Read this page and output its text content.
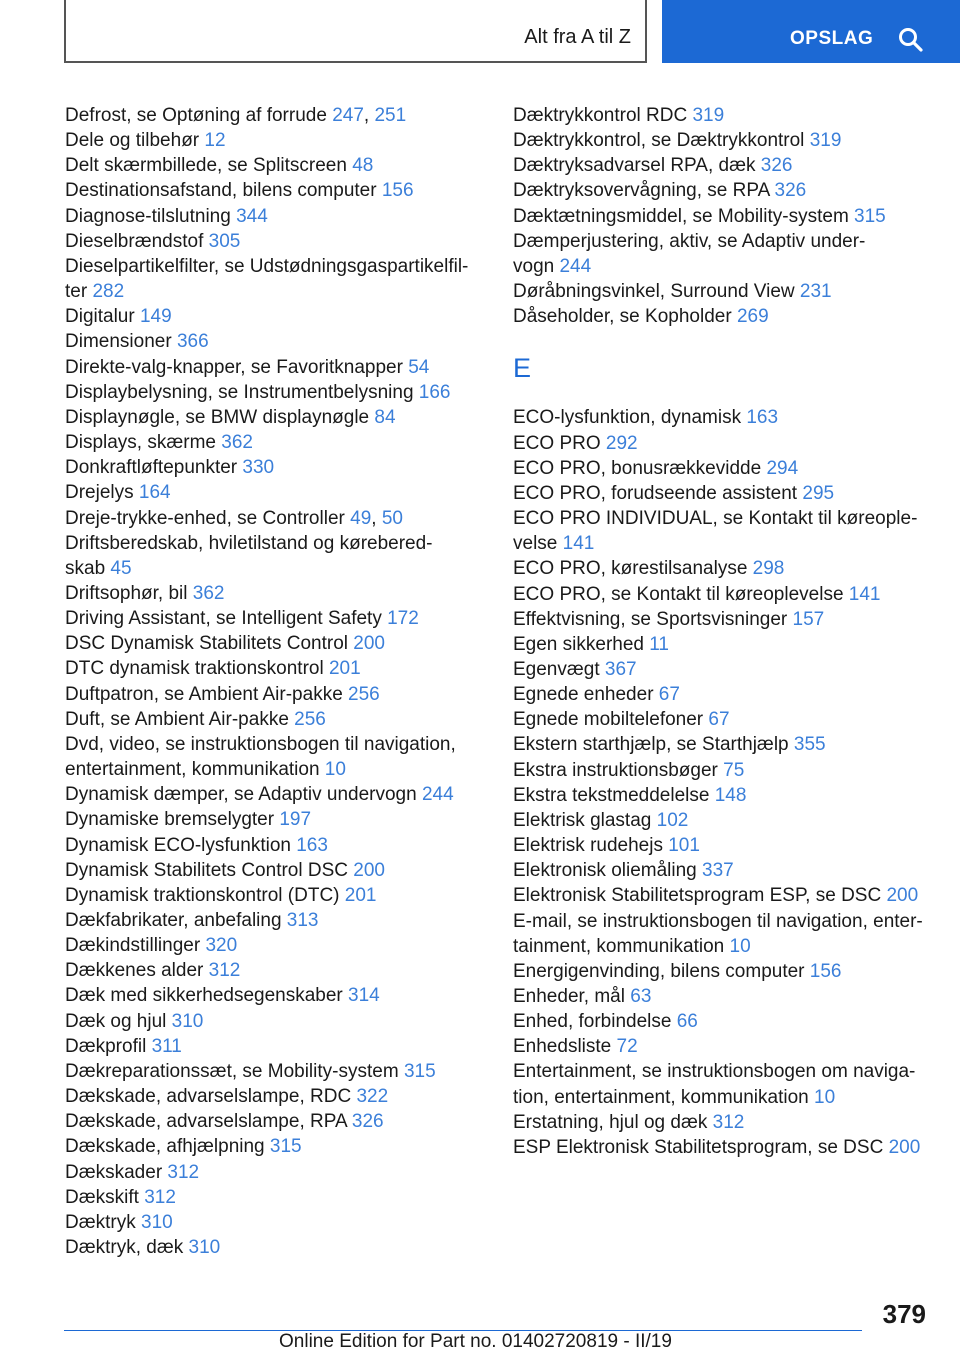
Alt fra A til Z	OPSLAG
Defrost, se Optøning af forrude 247, 251
Dele og tilbehør 12
Delt skærmbillede, se Splitscreen 48
Destinationsafstand, bilens computer 156
Diagnose-tilslutning 344
Dieselbrændstof 305
Dieselpartikelfilter, se Udstødningsgaspartikelfil-
ter 282
Digitalur 149
Dimensioner 366
Direkte-valg-knapper, se Favoritknapper 54
Displaybelysning, se Instrumentbelysning 166
Displaynøgle, se BMW displaynøgle 84
Displays, skærme 362
Donkraftløftepunkter 330
Drejelys 164
Dreje-trykke-enhed, se Controller 49, 50
Driftsberedskab, hviletilstand og kørebered-
skab 45
Driftsophør, bil 362
Driving Assistant, se Intelligent Safety 172
DSC Dynamisk Stabilitets Control 200
DTC dynamisk traktionskontrol 201
Duftpatron, se Ambient Air-pakke 256
Duft, se Ambient Air-pakke 256
Dvd, video, se instruktionsbogen til navigation,
entertainment, kommunikation 10
Dynamisk dæmper, se Adaptiv undervogn 244
Dynamiske bremselygter 197
Dynamisk ECO-lysfunktion 163
Dynamisk Stabilitets Control DSC 200
Dynamisk traktionskontrol (DTC) 201
Dækfabrikater, anbefaling 313
Dækindstillinger 320
Dækkenes alder 312
Dæk med sikkerhedsegenskaber 314
Dæk og hjul 310
Dækprofil 311
Dækreparationssæt, se Mobility-system 315
Dækskade, advarselslampe, RDC 322
Dækskade, advarselslampe, RPA 326
Dækskade, afhjælpning 315
Dækskader 312
Dækskift 312
Dæktryk 310
Dæktryk, dæk 310
Dæktrykkontrol RDC 319
Dæktrykkontrol, se Dæktrykkontrol 319
Dæktryksadvarsel RPA, dæk 326
Dæktryksovervågning, se RPA 326
Dæktætningsmiddel, se Mobility-system 315
Dæmperjustering, aktiv, se Adaptiv under-
vogn 244
Døråbningsvinkel, Surround View 231
Dåseholder, se Kopholder 269
E
ECO-lysfunktion, dynamisk 163
ECO PRO 292
ECO PRO, bonusrækkevidde 294
ECO PRO, forudseende assistent 295
ECO PRO INDIVIDUAL, se Kontakt til køreople-
velse 141
ECO PRO, kørestilsanalyse 298
ECO PRO, se Kontakt til køreoplevelse 141
Effektvisning, se Sportsvisninger 157
Egen sikkerhed 11
Egenvægt 367
Egnede enheder 67
Egnede mobiltelefoner 67
Ekstern starthjælp, se Starthjælp 355
Ekstra instruktionsbøger 75
Ekstra tekstmeddelelse 148
Elektrisk glastag 102
Elektrisk rudehejs 101
Elektronisk oliemåling 337
Elektronisk Stabilitetsprogram ESP, se DSC 200
E-mail, se instruktionsbogen til navigation, enter-
tainment, kommunikation 10
Energigenvinding, bilens computer 156
Enheder, mål 63
Enhed, forbindelse 66
Enhedsliste 72
Entertainment, se instruktionsbogen om naviga-
tion, entertainment, kommunikation 10
Erstatning, hjul og dæk 312
ESP Elektronisk Stabilitetsprogram, se DSC 200
379
Online Edition for Part no. 01402720819 - II/19
